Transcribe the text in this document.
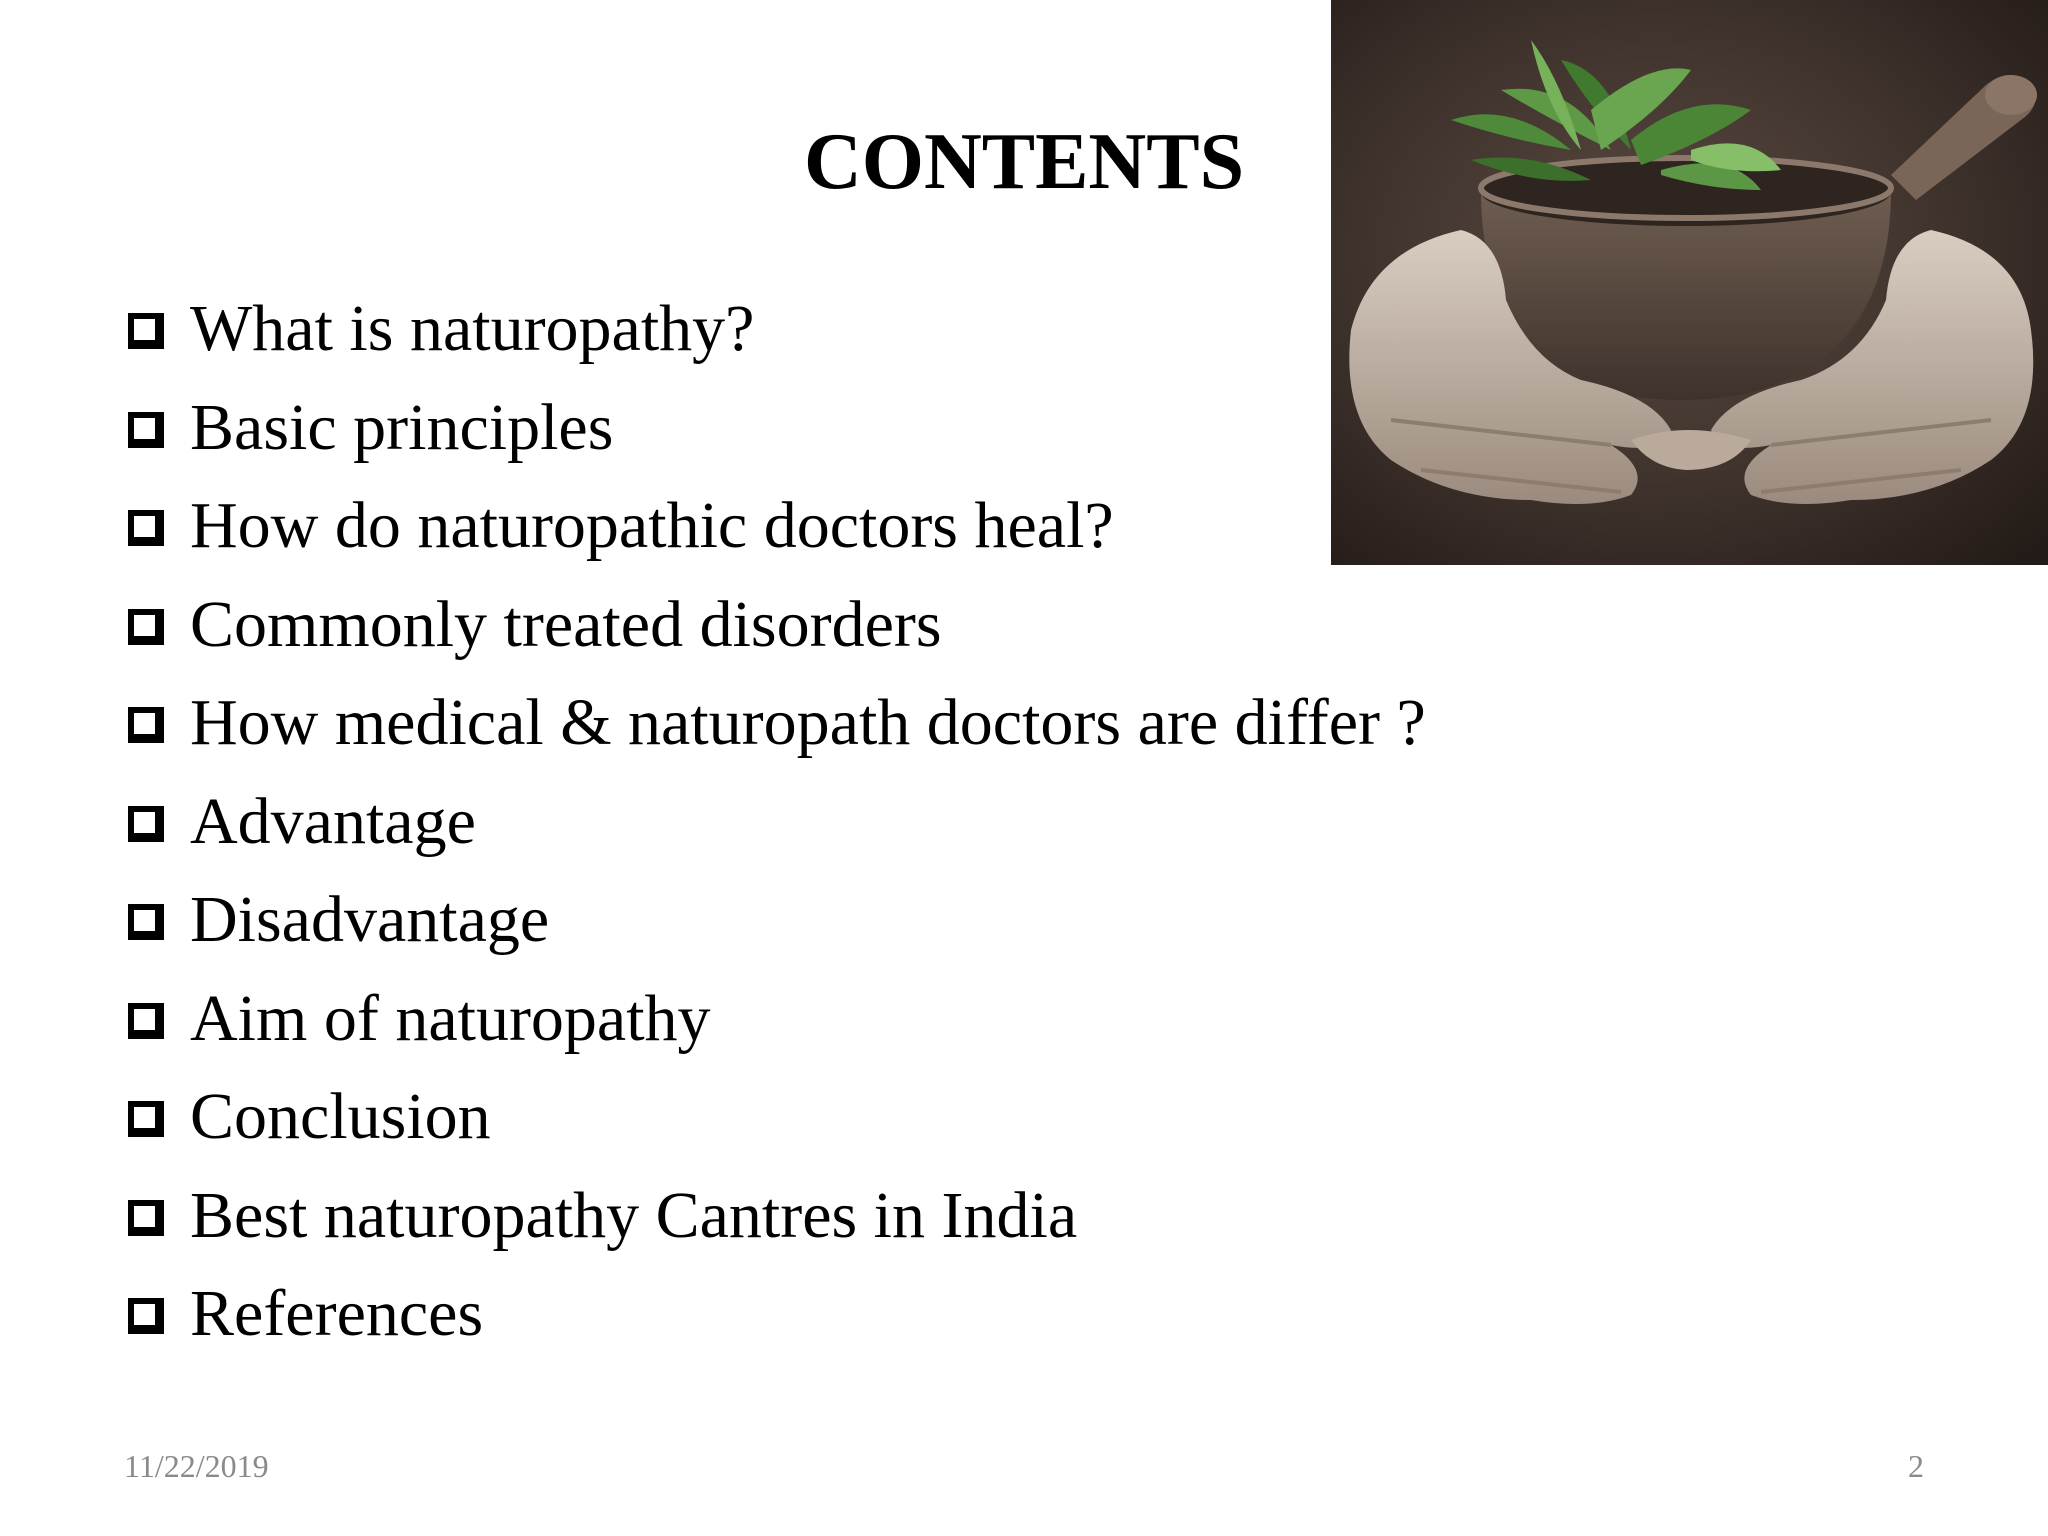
CONTENTS
What is naturopathy?
Basic principles
How do naturopathic doctors heal?
Commonly treated disorders
How medical & naturopath doctors are differ ?
Advantage
Disadvantage
Aim of naturopathy
Conclusion
Best naturopathy Cantres in India
References
11/22/2019	2
